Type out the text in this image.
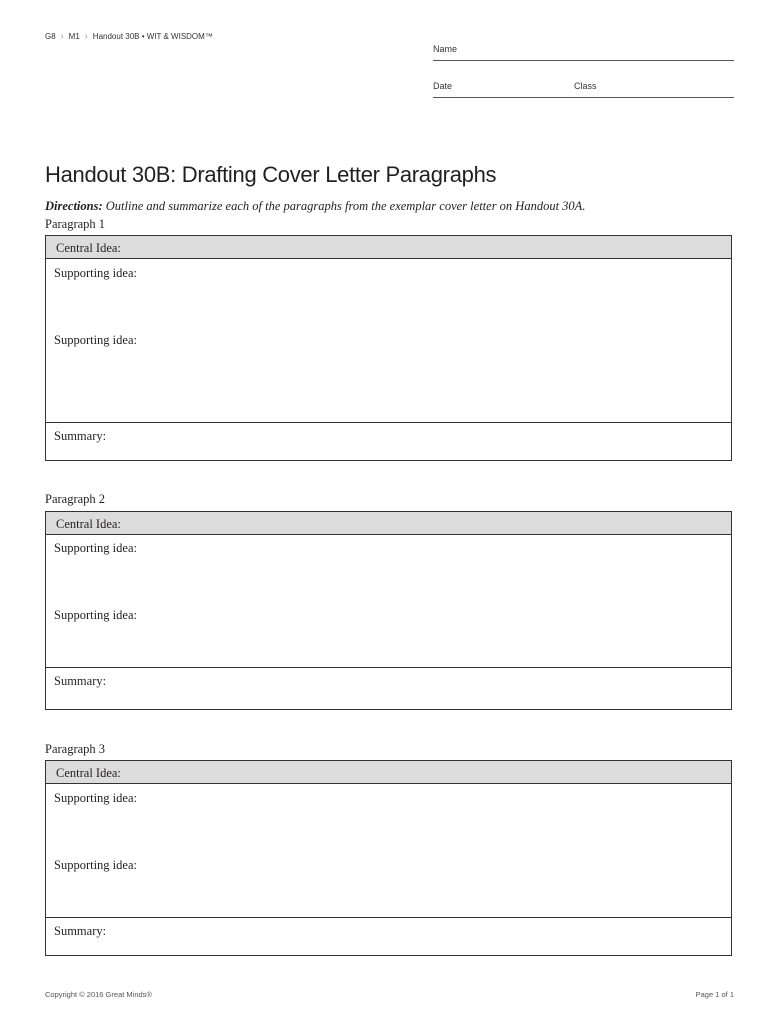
G8 › M1 › Handout 30B • WIT & WISDOM™
Name
Date	Class
Handout 30B: Drafting Cover Letter Paragraphs
Directions: Outline and summarize each of the paragraphs from the exemplar cover letter on Handout 30A.
Paragraph 1
Central Idea:
Supporting idea:
Supporting idea:
Summary:
Paragraph 2
Central Idea:
Supporting idea:
Supporting idea:
Summary:
Paragraph 3
Central Idea:
Supporting idea:
Supporting idea:
Summary:
Copyright © 2016 Great Minds®	Page 1 of 1
